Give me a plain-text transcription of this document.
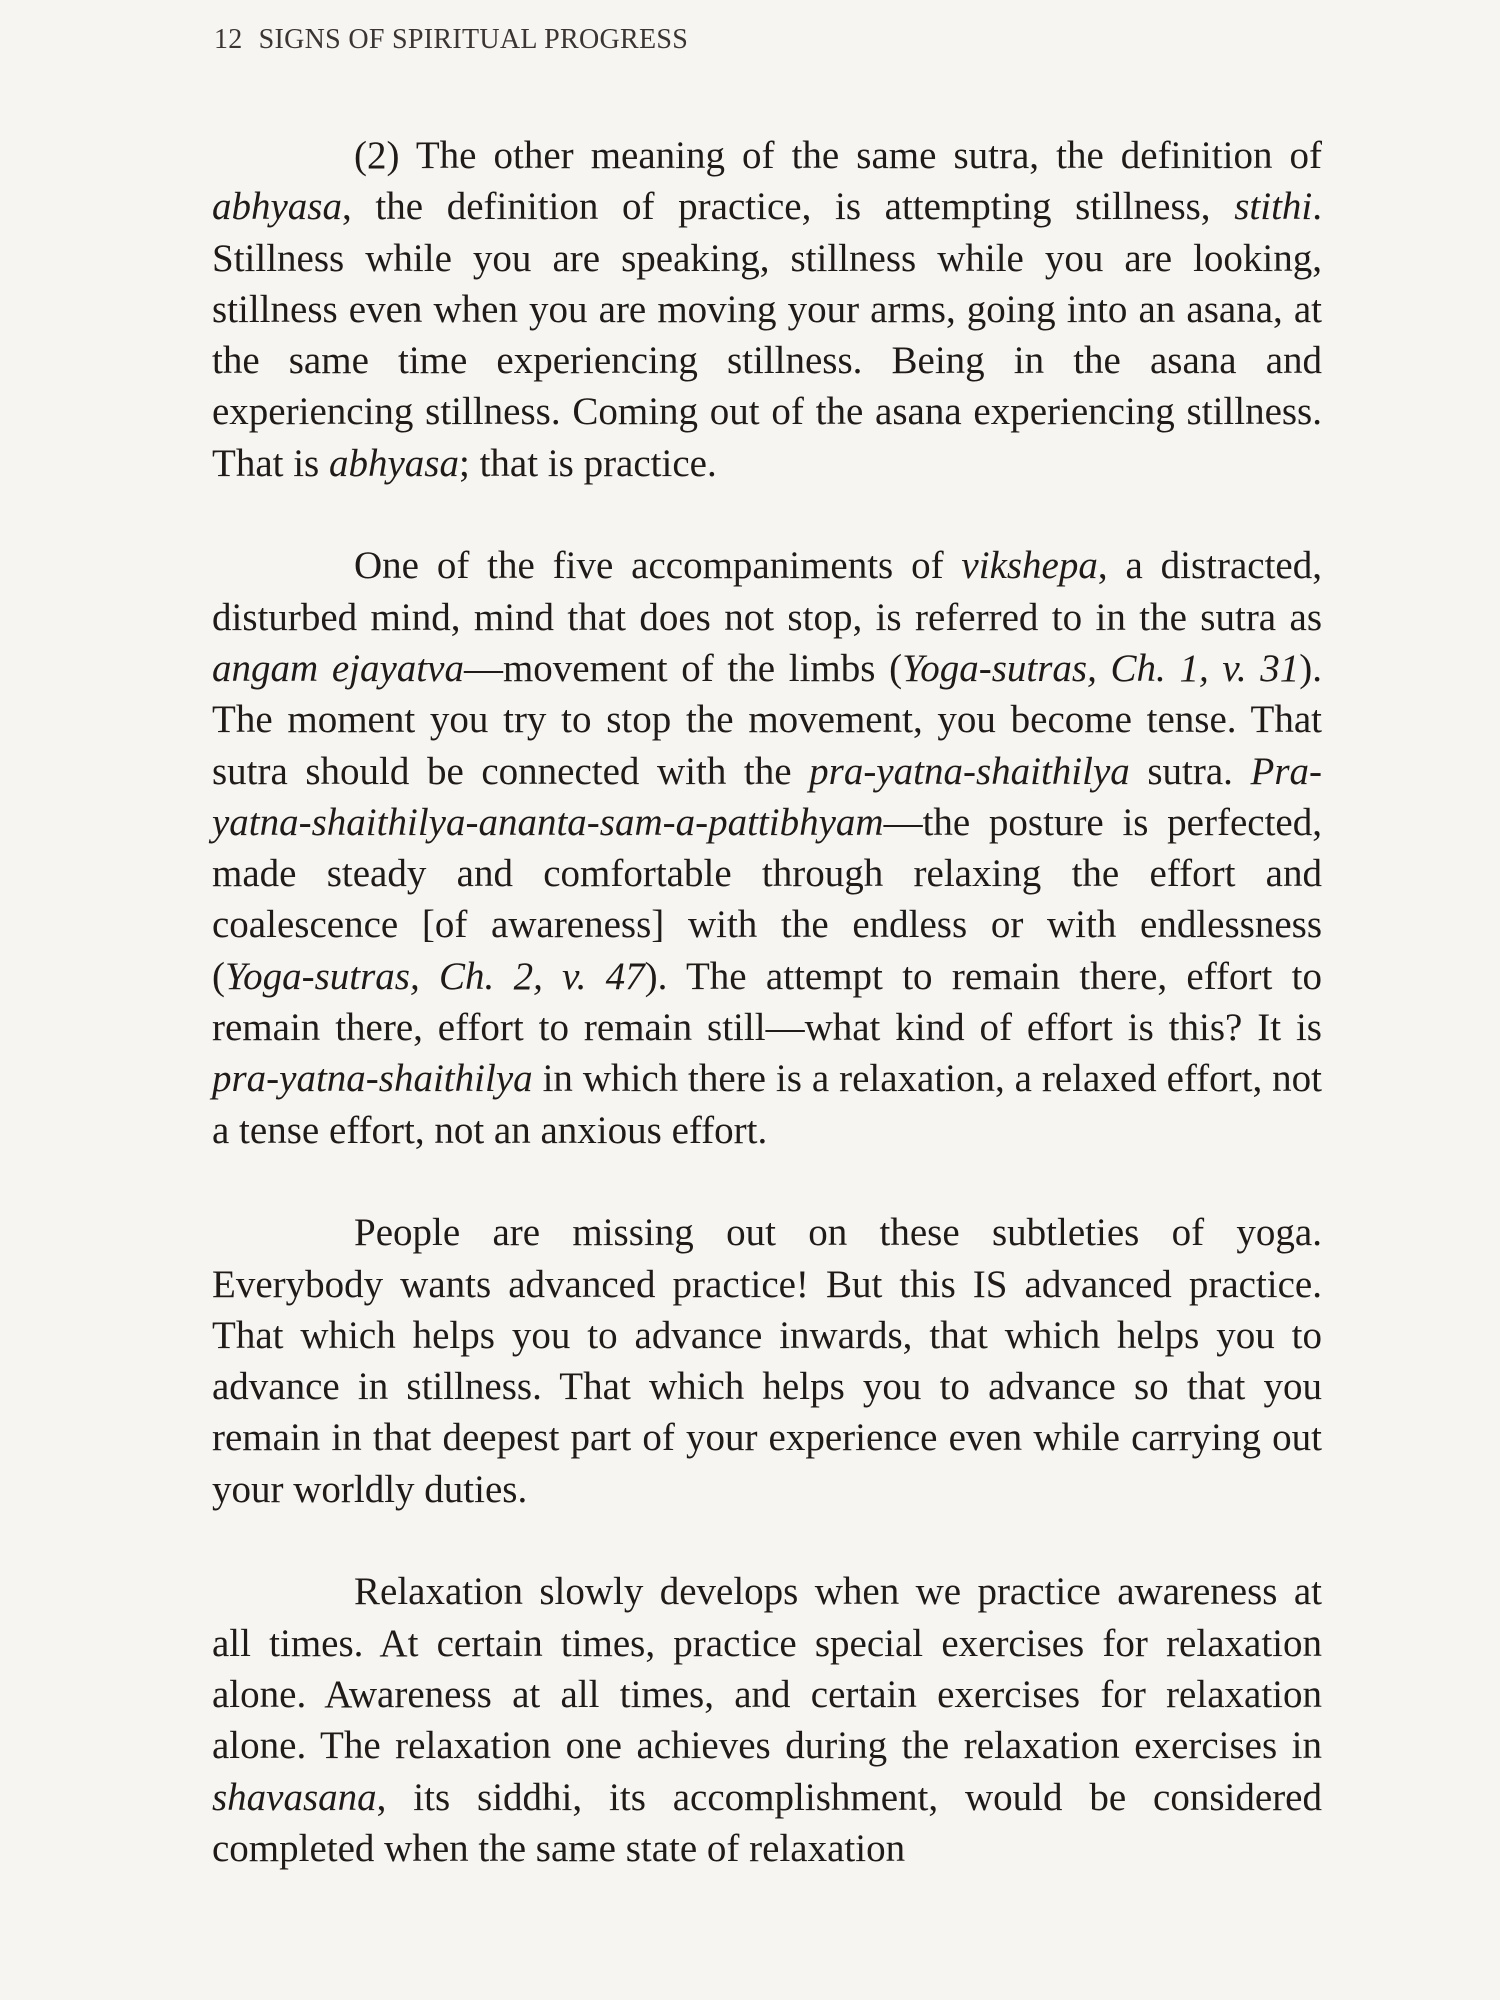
12 SIGNS OF SPIRITUAL PROGRESS

(2) The other meaning of the same sutra, the definition of abhyasa, the definition of practice, is attempting stillness, stithi. Stillness while you are speaking, stillness while you are looking, stillness even when you are moving your arms, going into an asana, at the same time experiencing stillness. Being in the asana and experiencing stillness. Coming out of the asana experiencing stillness. That is abhyasa; that is practice.

One of the five accompaniments of vikshepa, a distracted, disturbed mind, mind that does not stop, is referred to in the sutra as angam ejayatva—movement of the limbs (Yoga-sutras, Ch. 1, v. 31). The moment you try to stop the movement, you become tense. That sutra should be connected with the pra-yatna-shaithilya sutra. Pra-yatna-shaithilya-ananta-sam-a-pattibhyam—the posture is perfected, made steady and comfortable through relaxing the effort and coalescence [of awareness] with the endless or with endlessness (Yoga-sutras, Ch. 2, v. 47). The attempt to remain there, effort to remain there, effort to remain still—what kind of effort is this? It is pra-yatna-shaithilya in which there is a relaxation, a relaxed effort, not a tense effort, not an anxious effort.

People are missing out on these subtleties of yoga. Everybody wants advanced practice! But this IS advanced practice. That which helps you to advance inwards, that which helps you to advance in stillness. That which helps you to advance so that you remain in that deepest part of your experience even while carrying out your worldly duties.

Relaxation slowly develops when we practice awareness at all times. At certain times, practice special exercises for relaxation alone. Awareness at all times, and certain exercises for relaxation alone. The relaxation one achieves during the relaxation exercises in shavasana, its siddhi, its accomplishment, would be considered completed when the same state of relaxation
